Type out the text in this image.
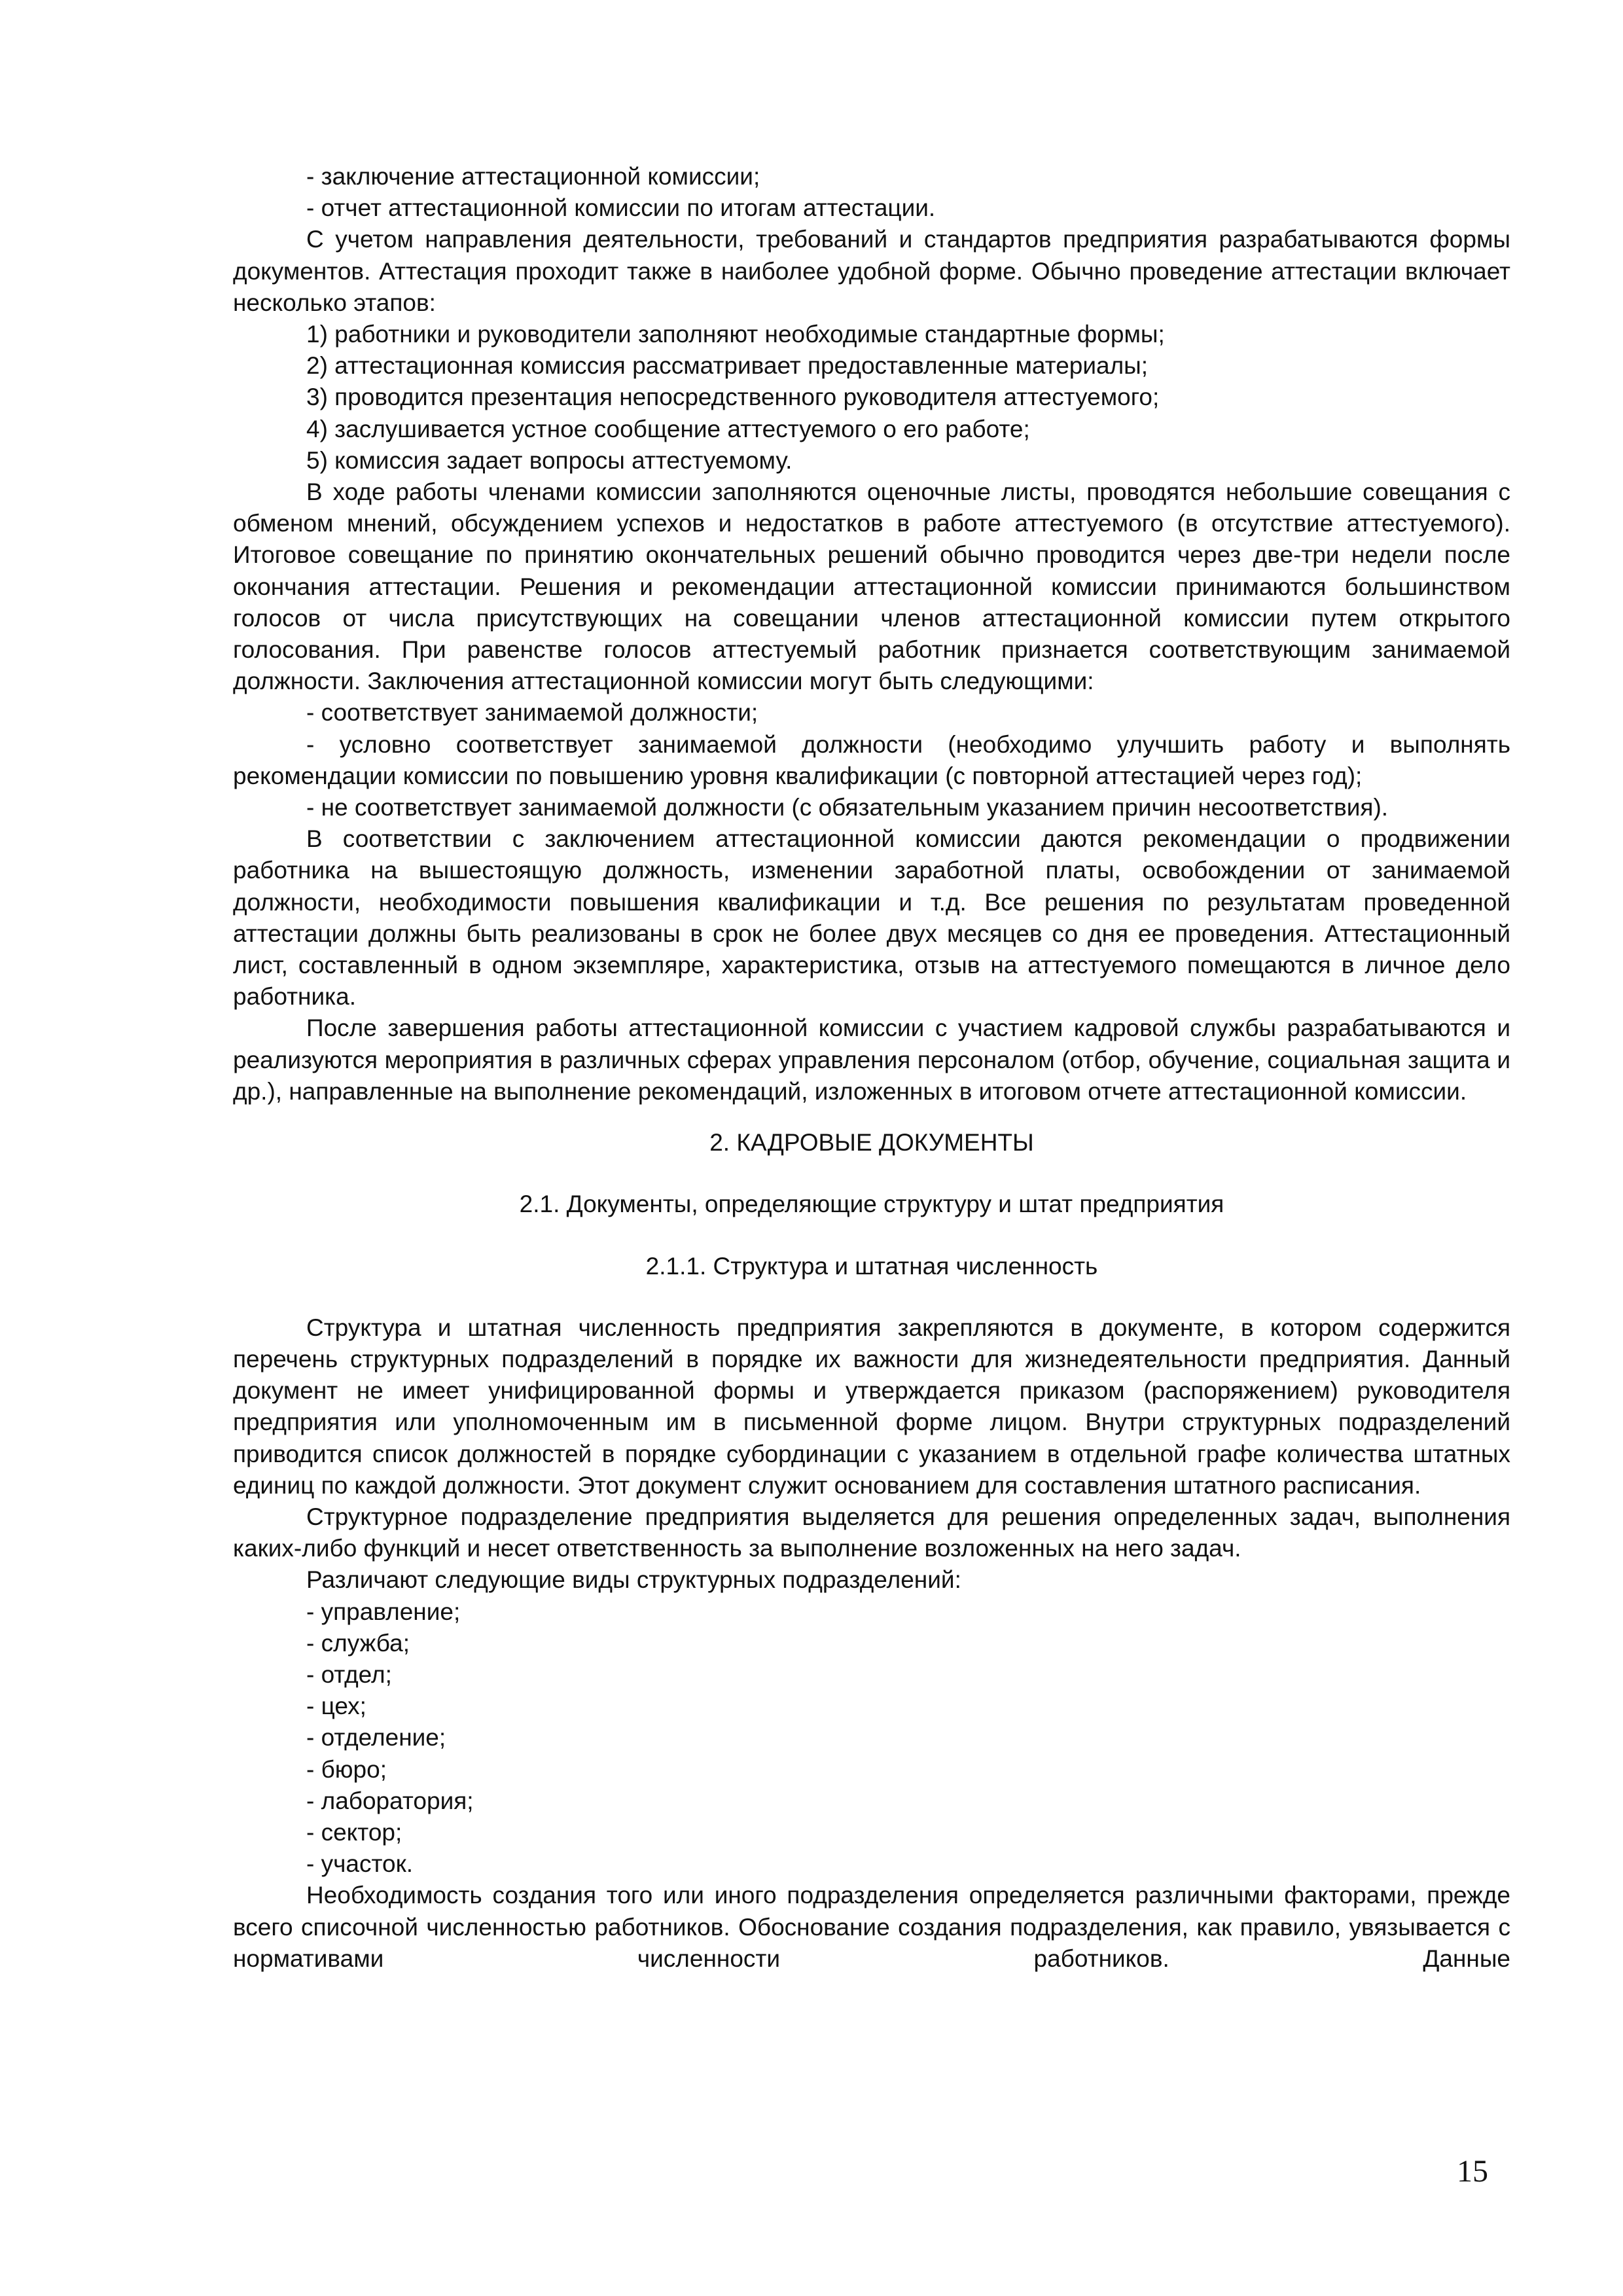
- заключение аттестационной комиссии;

- отчет аттестационной комиссии по итогам аттестации.

С учетом направления деятельности, требований и стандартов предприятия разрабатываются формы документов. Аттестация проходит также в наиболее удобной форме. Обычно проведение аттестации включает несколько этапов:

1) работники и руководители заполняют необходимые стандартные формы;

2) аттестационная комиссия рассматривает предоставленные материалы;

3) проводится презентация непосредственного руководителя аттестуемого;

4) заслушивается устное сообщение аттестуемого о его работе;

5) комиссия задает вопросы аттестуемому.

В ходе работы членами комиссии заполняются оценочные листы, проводятся небольшие совещания с обменом мнений, обсуждением успехов и недостатков в работе аттестуемого (в отсутствие аттестуемого). Итоговое совещание по принятию окончательных решений обычно проводится через две-три недели после окончания аттестации. Решения и рекомендации аттестационной комиссии принимаются большинством голосов от числа присутствующих на совещании членов аттестационной комиссии путем открытого голосования. При равенстве голосов аттестуемый работник признается соответствующим занимаемой должности. Заключения аттестационной комиссии могут быть следующими:

- соответствует занимаемой должности;

- условно соответствует занимаемой должности (необходимо улучшить работу и выполнять рекомендации комиссии по повышению уровня квалификации (с повторной аттестацией через год);

- не соответствует занимаемой должности (с обязательным указанием причин несоответствия).

В соответствии с заключением аттестационной комиссии даются рекомендации о продвижении работника на вышестоящую должность, изменении заработной платы, освобождении от занимаемой должности, необходимости повышения квалификации и т.д. Все решения по результатам проведенной аттестации должны быть реализованы в срок не более двух месяцев со дня ее проведения. Аттестационный лист, составленный в одном экземпляре, характеристика, отзыв на аттестуемого помещаются в личное дело работника.

После завершения работы аттестационной комиссии с участием кадровой службы разрабатываются и реализуются мероприятия в различных сферах управления персоналом (отбор, обучение, социальная защита и др.), направленные на выполнение рекомендаций, изложенных в итоговом отчете аттестационной комиссии.

2. КАДРОВЫЕ ДОКУМЕНТЫ
2.1. Документы, определяющие структуру и штат предприятия
2.1.1. Структура и штатная численность

Структура и штатная численность предприятия закрепляются в документе, в котором содержится перечень структурных подразделений в порядке их важности для жизнедеятельности предприятия. Данный документ не имеет унифицированной формы и утверждается приказом (распоряжением) руководителя предприятия или уполномоченным им в письменной форме лицом. Внутри структурных подразделений приводится список должностей в порядке субординации с указанием в отдельной графе количества штатных единиц по каждой должности. Этот документ служит основанием для составления штатного расписания.

Структурное подразделение предприятия выделяется для решения определенных задач, выполнения каких-либо функций и несет ответственность за выполнение возложенных на него задач.

Различают следующие виды структурных подразделений:

- управление;

- служба;

- отдел;

- цех;

- отделение;

- бюро;

- лаборатория;

- сектор;

- участок.

Необходимость создания того или иного подразделения определяется различными факторами, прежде всего списочной численностью работников. Обоснование создания подразделения, как правило, увязывается с нормативами численности работников. Данные

15
